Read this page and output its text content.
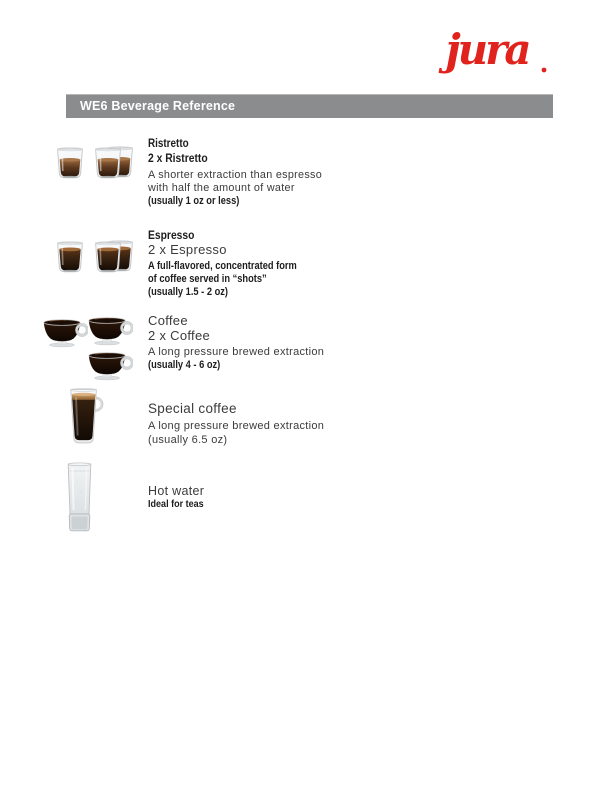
jura
WE6 Beverage Reference
Ristretto
2 x Ristretto
A shorter extraction than espresso
with half the amount of water
(usually 1 oz or less)
Espresso
2 x Espresso
A full-flavored, concentrated form
of coffee served in “shots”
(usually 1.5 - 2 oz)

Coffee
2 x Coffee
A long pressure brewed extraction
(usually 4 - 6 oz)
Special coffee
A long pressure brewed extraction
(usually 6.5 oz)
Hot water
Ideal for teas
